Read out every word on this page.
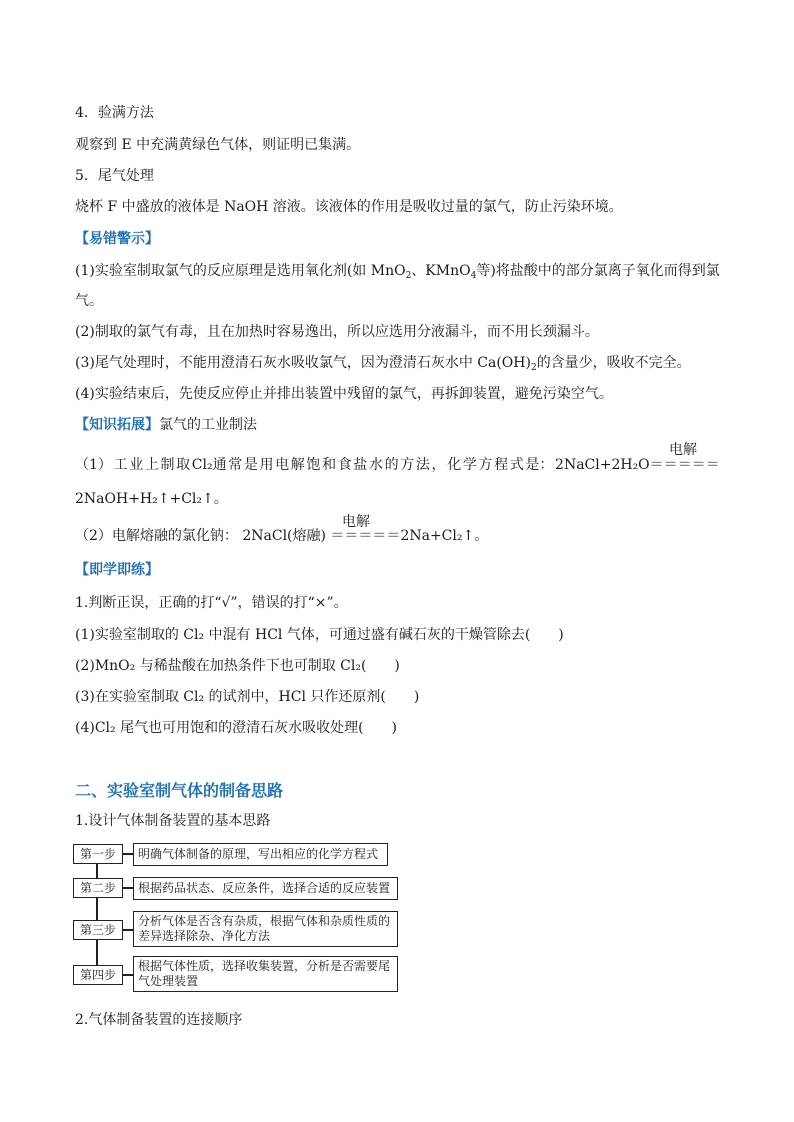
4．验满方法
观察到 E 中充满黄绿色气体，则证明已集满。
5．尾气处理
烧杯 F 中盛放的液体是 NaOH 溶液。该液体的作用是吸收过量的氯气，防止污染环境。
【易错警示】
(1)实验室制取氯气的反应原理是选用氧化剂(如 MnO$_2$、KMnO$_4$等)将盐酸中的部分氯离子氧化而得到氯
气。
(2)制取的氯气有毒，且在加热时容易逸出，所以应选用分液漏斗，而不用长颈漏斗。
(3)尾气处理时，不能用澄清石灰水吸收氯气，因为澄清石灰水中 $Ca(OH)_2$的含量少，吸收不完全。
(4)实验结束后，先使反应停止并排出装置中残留的氯气，再拆卸装置，避免污染空气。
【知识拓展】氯气的工业制法
（1） 工 业 上 制 取 Cl₂通 常 是 用 电 解 饱 和 食 盐 水 的 方 法 ， 化 学 方 程 式 是： 2NaCl+2H₂O＝＝＝＝＝
电解
2NaOH+H₂↑+Cl₂↑。
（2）电解熔融的氯化钠： 2NaCl(熔融) ＝＝＝＝＝2Na+Cl₂↑。
电解
【即学即练】
1.判断正误，正确的打“√”，错误的打“×”。
(1)实验室制取的 Cl₂ 中混有 HCl 气体，可通过盛有碱石灰的干燥管除去(　　)
(2)MnO₂ 与稀盐酸在加热条件下也可制取 Cl₂(　　)
(3)在实验室制取 Cl₂ 的试剂中，HCl 只作还原剂(　　)
(4)Cl₂ 尾气也可用饱和的澄清石灰水吸收处理(　　)
二、实验室制气体的制备思路
1.设计气体制备装置的基本思路
第一步	明确气体制备的原理，写出相应的化学方程式
第二步	根据药品状态、反应条件，选择合适的反应装置
第三步
分析气体是否含有杂质，根据气体和杂质性质的差异选择除杂、净化方法
第四步
根据气体性质，选择收集装置，分析是否需要尾气处理装置
2.气体制备装置的连接顺序
